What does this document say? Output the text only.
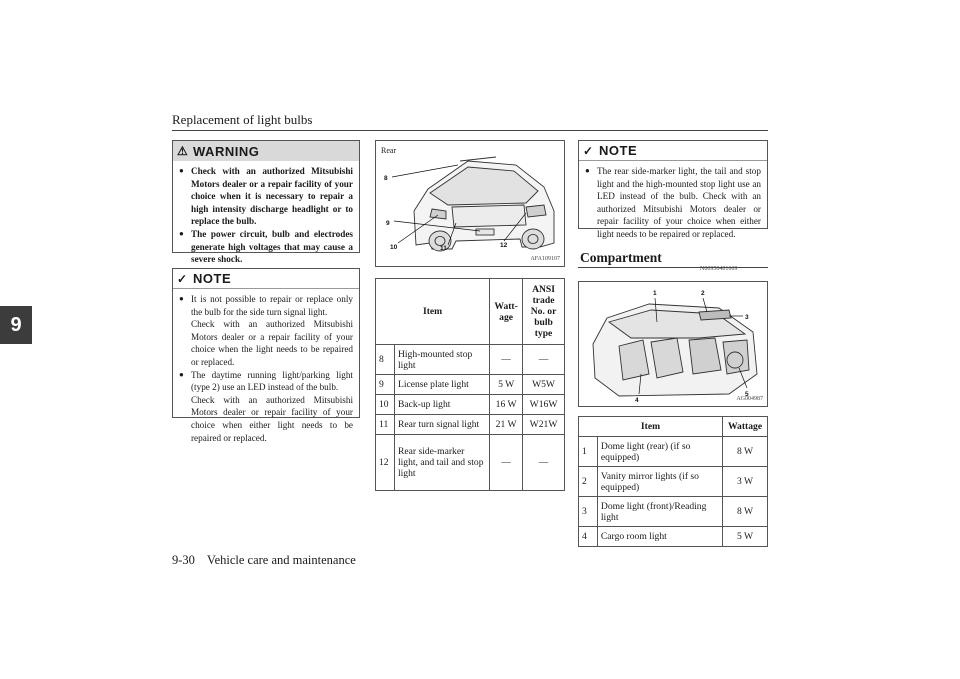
Replacement of light bulbs
9
⚠ WARNING
● Check with an authorized Mitsubishi Motors dealer or a repair facility of your choice when it is necessary to repair a high intensity discharge headlight or to replace the bulb.
● The power circuit, bulb and electrodes generate high voltages that may cause a severe shock.
✓ NOTE
● It is not possible to repair or replace only the bulb for the side turn signal light.
Check with an authorized Mitsubishi Motors dealer or a repair facility of your choice when the light needs to be repaired or replaced.
● The daytime running light/parking light (type 2) use an LED instead of the bulb.
Check with an authorized Mitsubishi Motors dealer or repair facility of your choice when either light needs to be repaired or replaced.
Rear
8
9
10	11	12
AFA109107
Item		Watt-age	ANSI trade No. or bulb type
8	High-mounted stop light	—	—
9	License plate light	5 W	W5W
10	Back-up light	16 W	W16W
11	Rear turn signal light	21 W	W21W
12	Rear side-marker light, and tail and stop light	—	—
✓ NOTE
● The rear side-marker light, the tail and stop light and the high-mounted stop light use an LED instead of the bulb. Check with an authorized Mitsubishi Motors dealer or repair facility of your choice when either light needs to be repaired or replaced.
Compartment
N00950401669
1	2
3
4
5
AG004987
Item		Wattage
1	Dome light (rear) (if so equipped)	8 W
2	Vanity mirror lights (if so equipped)	3 W
3	Dome light (front)/Reading light	8 W
4	Cargo room light	5 W
9-30 Vehicle care and maintenance
